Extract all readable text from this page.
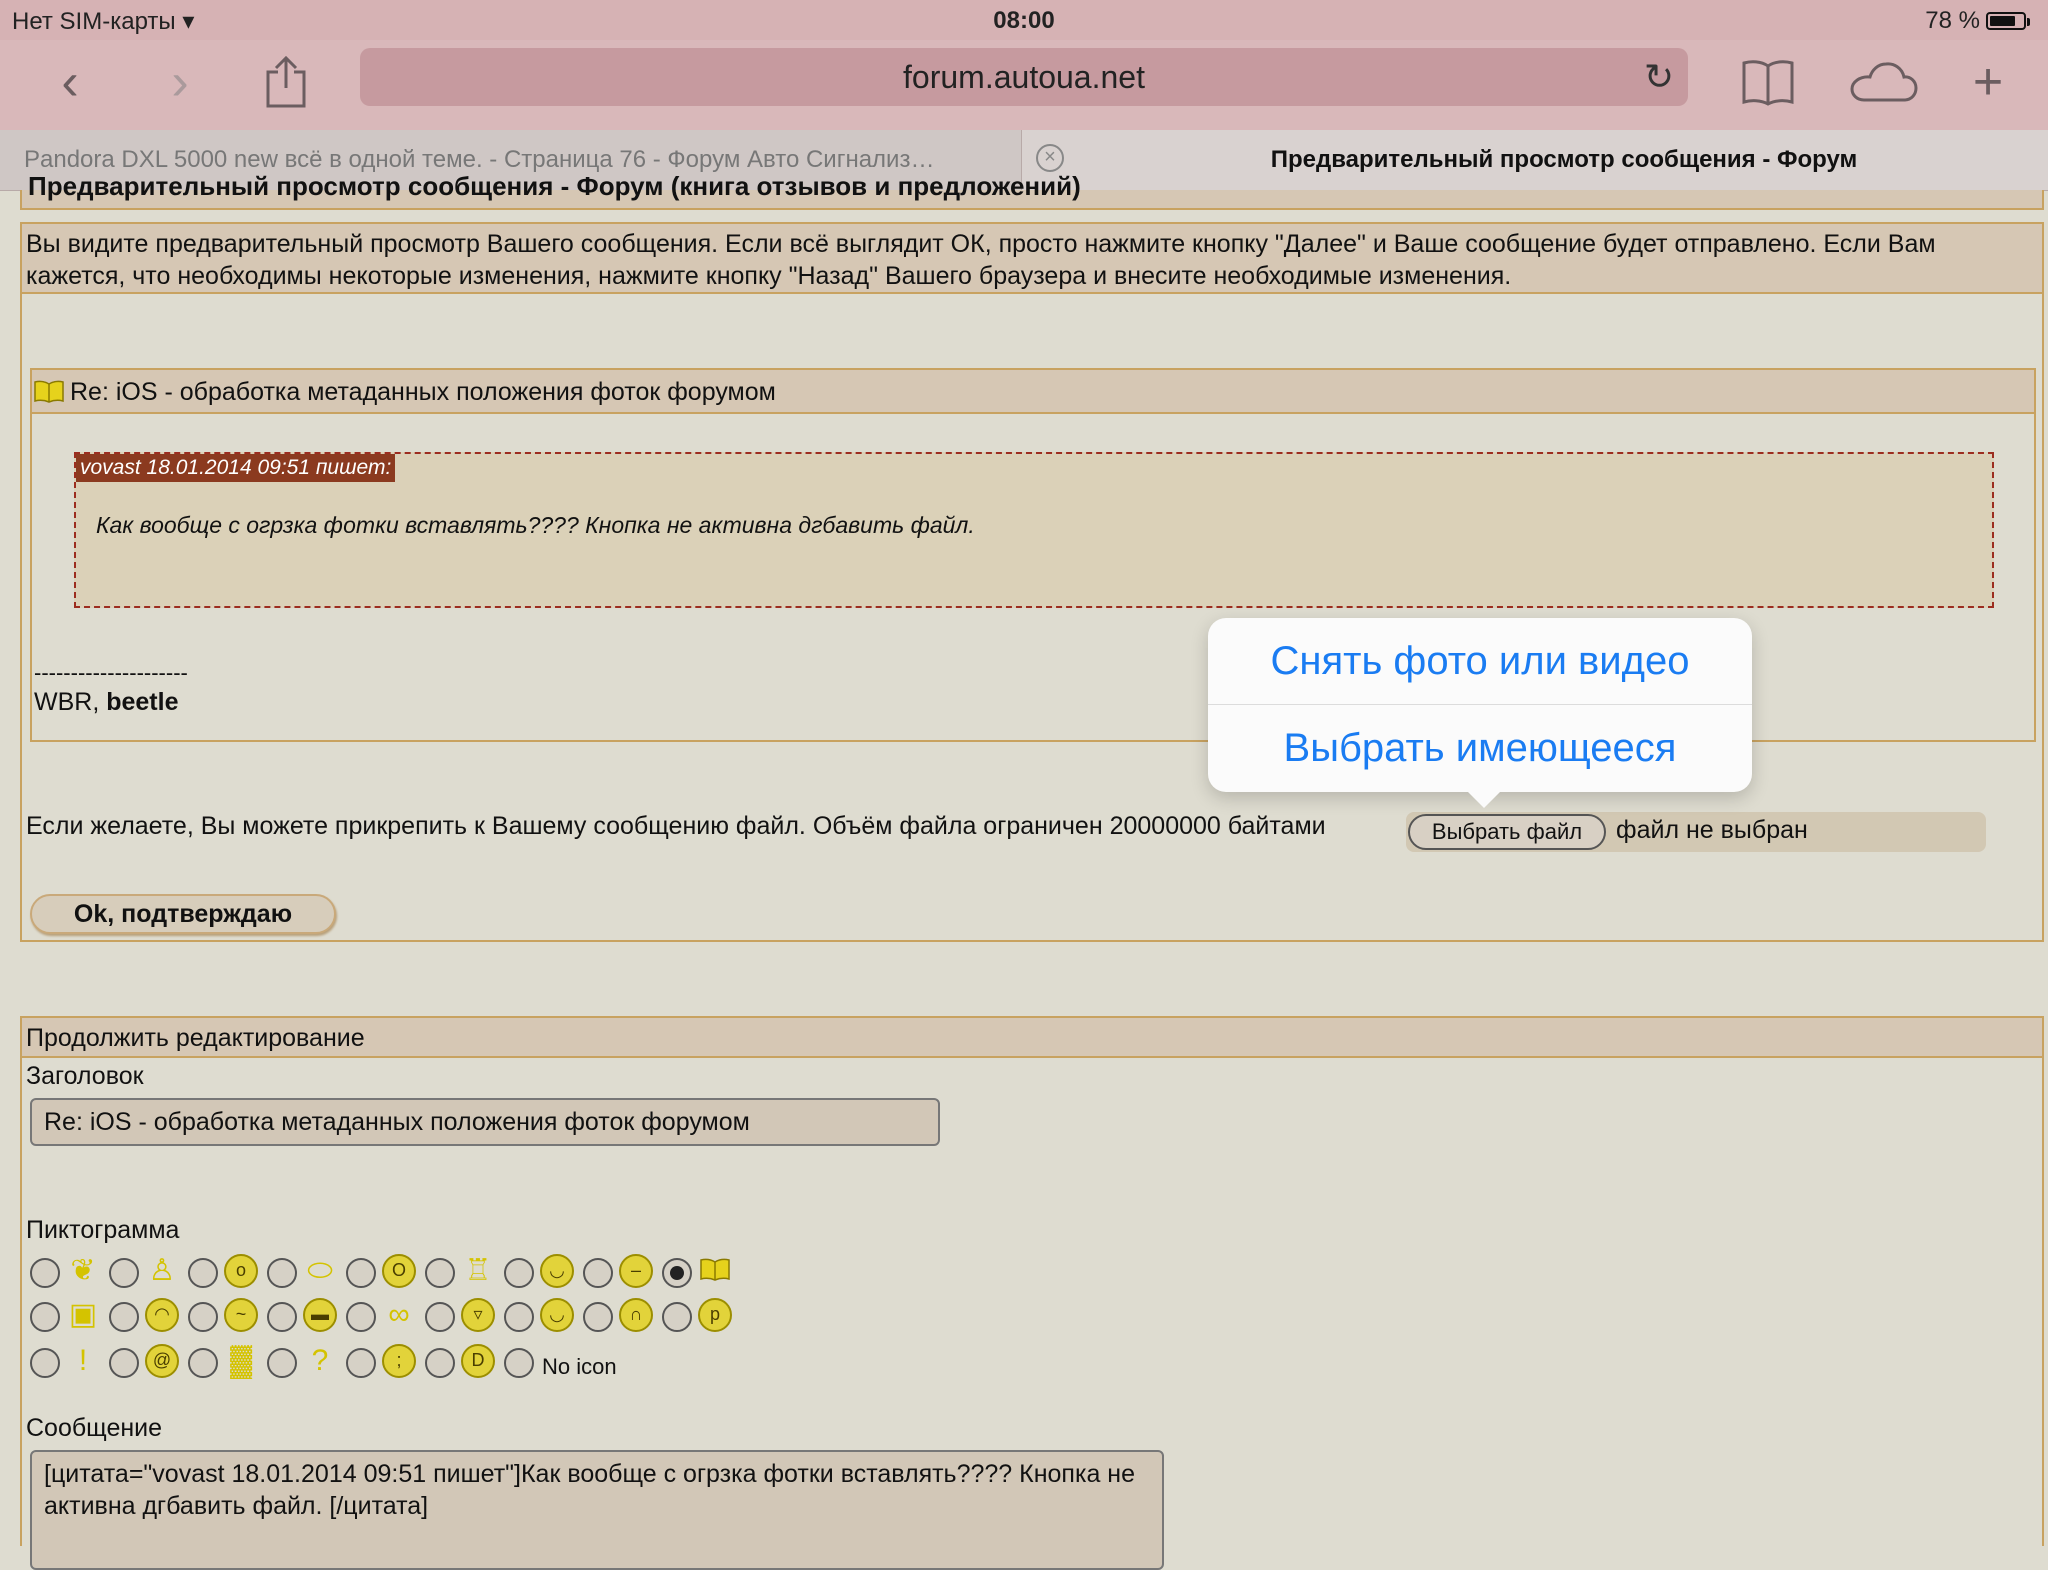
Нет SIM-карты ▾	08:00	78 %
‹	›	forum.autoua.net	↻	+
Pandora DXL 5000 new всё в одной теме. - Страница 76 - Форум Авто Сигнализ…	×	Предварительный просмотр сообщения - Форум
Предварительный просмотр сообщения - Форум (книга отзывов и предложений)
Вы видите предварительный просмотр Вашего сообщения. Если всё выглядит ОК, просто нажмите кнопку "Далее" и Ваше сообщение будет отправлено. Если Вам кажется, что необходимы некоторые изменения, нажмите кнопку "Назад" Вашего браузера и внесите необходимые изменения.
Re: iOS - обработка метаданных положения фоток форумом
vovast 18.01.2014 09:51 пишет:
Как вообще с огрзка фотки вставлять???? Кнопка не активна дгбавить файл.
---------------------
WBR, beetle
Если желаете, Вы можете прикрепить к Вашему сообщению файл. Объём файла ограничен 20000000 байтами	Выбрать файл	файл не выбран
Ok, подтверждаю
Снять фото или видео
Выбрать имеющееся
Продолжить редактирование
Заголовок
Re: iOS - обработка метаданных положения фоток форумом
Пиктограмма
❦ ♙	o	⬭	O	♖	◡	–
▣	◠	~	▬ ∞	▿	◡	∩	p
!	@ ▓ ?	;	D	No icon
Сообщение
[цитата="vovast 18.01.2014 09:51 пишет"]Как вообще с огрзка фотки вставлять???? Кнопка не активна дгбавить файл. [/цитата]
